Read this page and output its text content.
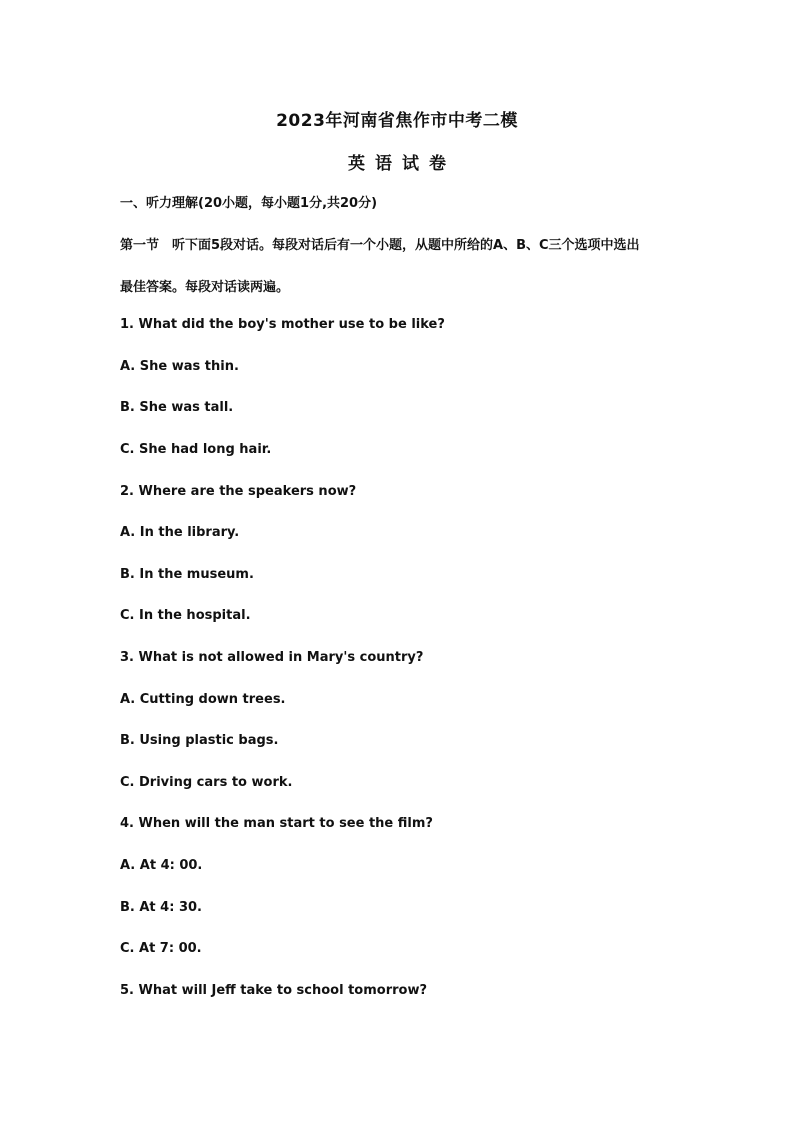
2023年河南省焦作市中考二模
英语试卷
一、听力理解(20小题，每小题1分,共20分)
第一节　听下面5段对话。每段对话后有一个小题，从题中所给的A、B、C三个选项中选出
最佳答案。每段对话读两遍。
1. What did the boy's mother use to be like?
A. She was thin.
B. She was tall.
C. She had long hair.
2. Where are the speakers now?
A. In the library.
B. In the museum.
C. In the hospital.
3. What is not allowed in Mary's country?
A. Cutting down trees.
B. Using plastic bags.
C. Driving cars to work.
4. When will the man start to see the film?
A. At 4: 00.
B. At 4: 30.
C. At 7: 00.
5. What will Jeff take to school tomorrow?
